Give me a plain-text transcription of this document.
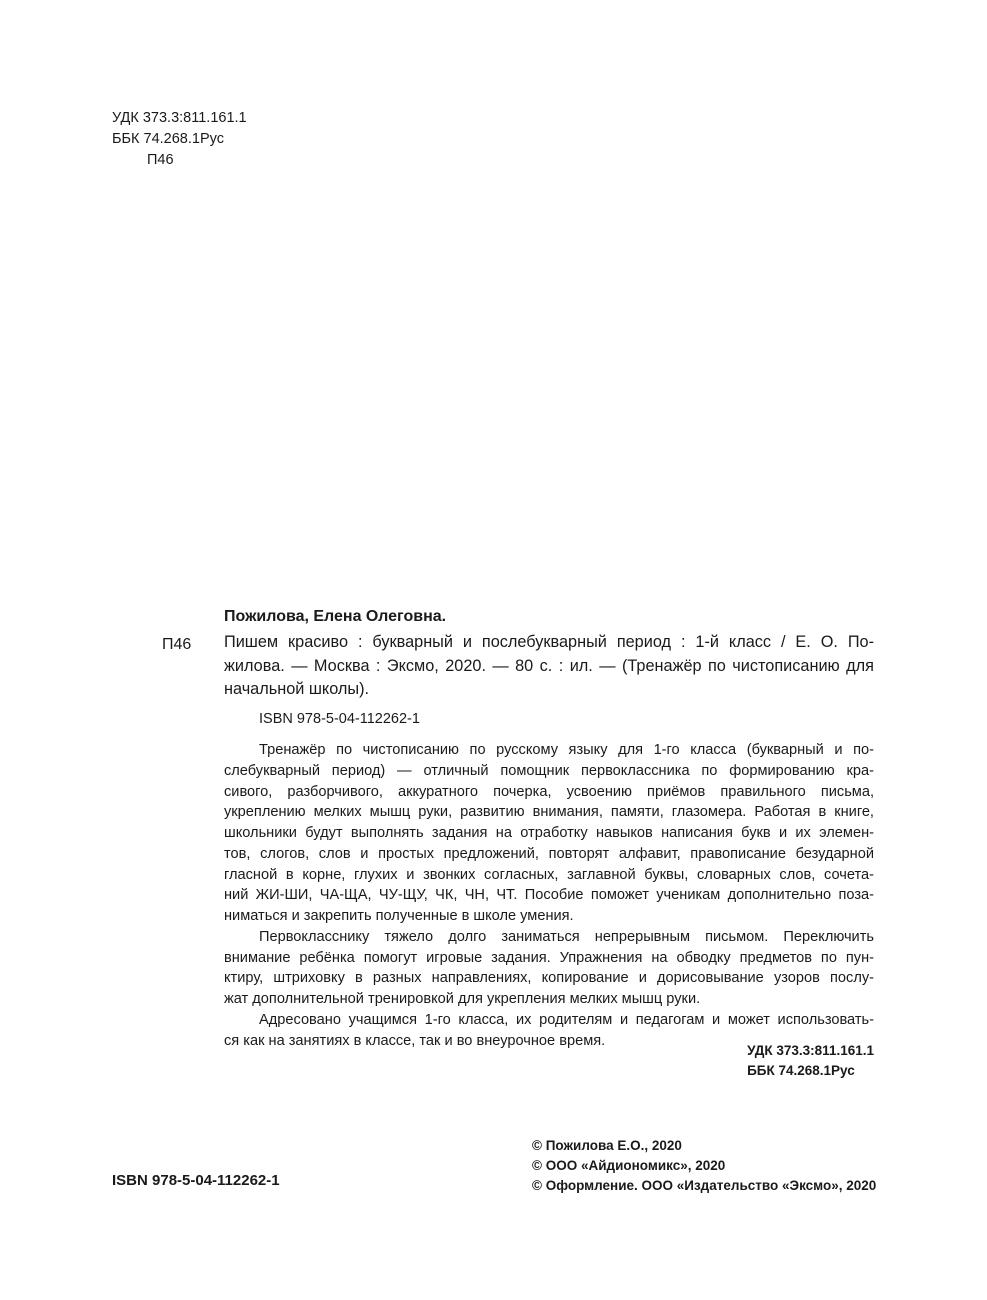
УДК 373.3:811.161.1
ББК 74.268.1Рус
П46
Пожилова, Елена Олеговна.
П46 Пишем красиво : букварный и послебукварный период : 1-й класс / Е. О. По-
жилова. — Москва : Эксмо, 2020. — 80 с. : ил. — (Тренажёр по чистописанию для
начальной школы).
ISBN 978-5-04-112262-1
Тренажёр по чистописанию по русскому языку для 1-го класса (букварный и по-
слебукварный период) — отличный помощник первоклассника по формированию кра-
сивого, разборчивого, аккуратного почерка, усвоению приёмов правильного письма,
укреплению мелких мышц руки, развитию внимания, памяти, глазомера. Работая в книге,
школьники будут выполнять задания на отработку навыков написания букв и их элемен-
тов, слогов, слов и простых предложений, повторят алфавит, правописание безударной
гласной в корне, глухих и звонких согласных, заглавной буквы, словарных слов, сочета-
ний ЖИ-ШИ, ЧА-ЩА, ЧУ-ЩУ, ЧК, ЧН, ЧТ. Пособие поможет ученикам дополнительно поза-
ниматься и закрепить полученные в школе умения.
Первокласснику тяжело долго заниматься непрерывным письмом. Переключить
внимание ребёнка помогут игровые задания. Упражнения на обводку предметов по пун-
ктиру, штриховку в разных направлениях, копирование и дорисовывание узоров послу-
жат дополнительной тренировкой для укрепления мелких мышц руки.
Адресовано учащимся 1-го класса, их родителям и педагогам и может использовать-
ся как на занятиях в классе, так и во внеурочное время.
УДК 373.3:811.161.1
ББК 74.268.1Рус
© Пожилова Е.О., 2020
© ООО «Айдиономикс», 2020
© Оформление. ООО «Издательство «Эксмо», 2020
ISBN 978-5-04-112262-1
